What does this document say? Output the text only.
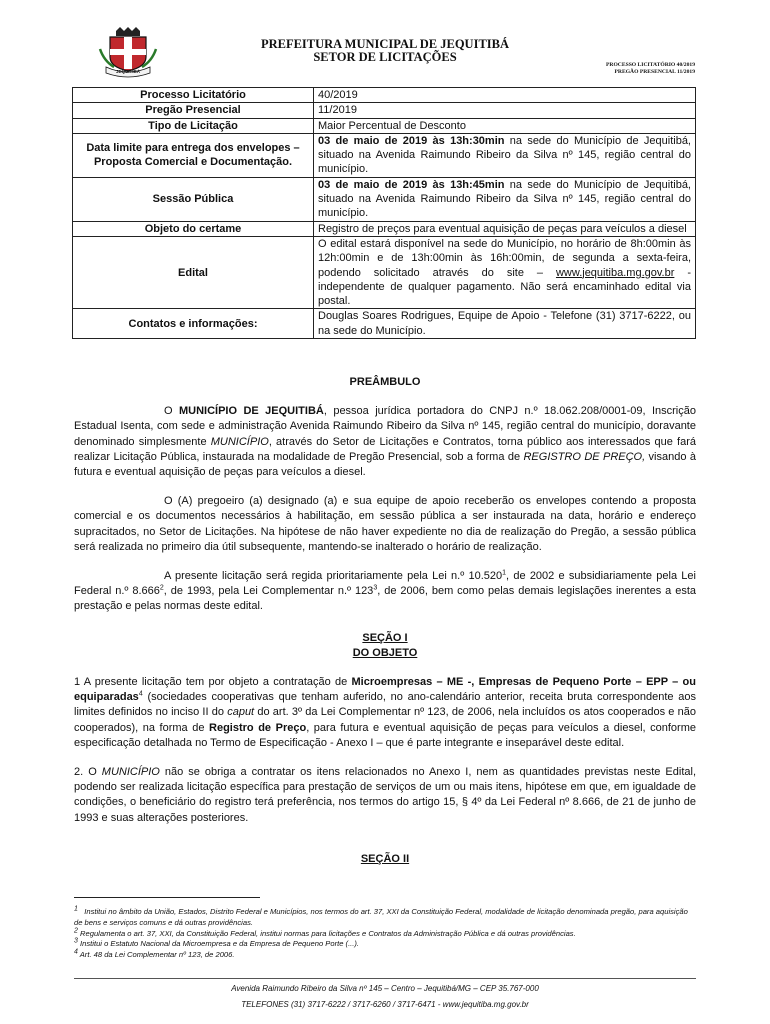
JEQUITIBÁ
PREFEITURA MUNICIPAL DE JEQUITIBÁ
SETOR DE LICITAÇÕES
PROCESSO LICITATÓRIO 40/2019
PREGÃO PRESENCIAL 11/2019
Processo Licitatório	40/2019
Pregão Presencial	11/2019
Tipo de Licitação	Maior Percentual de Desconto
Data limite para entrega dos envelopes – Proposta Comercial e Documentação.	03 de maio de 2019 às 13h:30min na sede do Município de Jequitibá, situado na Avenida Raimundo Ribeiro da Silva nº 145, região central do município.
Sessão Pública	03 de maio de 2019 às 13h:45min na sede do Município de Jequitibá, situado na Avenida Raimundo Ribeiro da Silva nº 145, região central do município.
Objeto do certame	Registro de preços para eventual aquisição de peças para veículos a diesel
Edital	O edital estará disponível na sede do Município, no horário de 8h:00min às 12h:00min e de 13h:00min às 16h:00min, de segunda a sexta-feira, podendo solicitado através do site – www.jequitiba.mg.gov.br - independente de qualquer pagamento. Não será encaminhado edital via postal.
Contatos e informações:	Douglas Soares Rodrigues, Equipe de Apoio - Telefone (31) 3717-6222, ou na sede do Município.

PREÂMBULO

O MUNICÍPIO DE JEQUITIBÁ, pessoa jurídica portadora do CNPJ n.º 18.062.208/0001-09, Inscrição Estadual Isenta, com sede e administração Avenida Raimundo Ribeiro da Silva nº 145, região central do município, doravante denominado simplesmente MUNICÍPIO, através do Setor de Licitações e Contratos, torna público aos interessados que fará realizar Licitação Pública, instaurada na modalidade de Pregão Presencial, sob a forma de REGISTRO DE PREÇO, visando à futura e eventual aquisição de peças para veículos a diesel.

O (A) pregoeiro (a) designado (a) e sua equipe de apoio receberão os envelopes contendo a proposta comercial e os documentos necessários à habilitação, em sessão pública a ser instaurada na data, horário e endereço supracitados, no Setor de Licitações. Na hipótese de não haver expediente no dia de realização do Pregão, a sessão pública será realizada no primeiro dia útil subsequente, mantendo-se inalterado o horário de realização.

A presente licitação será regida prioritariamente pela Lei n.º 10.520$^1$, de 2002 e subsidiariamente pela Lei Federal n.º 8.666$^2$, de 1993, pela Lei Complementar n.º $123^3$, de 2006, bem como pelas demais legislações inerentes a esta prestação e pelas normas deste edital.

SEÇÃO I

DO OBJETO

1 A presente licitação tem por objeto a contratação de Microempresas – ME -, Empresas de Pequeno Porte – EPP – ou equiparadas$^4$ (sociedades cooperativas que tenham auferido, no ano-calendário anterior, receita bruta correspondente aos limites definidos no inciso II do caput do art. 3º da Lei Complementar nº 123, de 2006, nela incluídos os atos cooperados e não cooperados), na forma de Registro de Preço, para futura e eventual aquisição de peças para veículos a diesel, conforme especificação detalhada no Termo de Especificação - Anexo I – que é parte integrante e inseparável deste edital.

2. O MUNICÍPIO não se obriga a contratar os itens relacionados no Anexo I, nem as quantidades previstas neste Edital, podendo ser realizada licitação específica para prestação de serviços de um ou mais itens, hipótese em que, em igualdade de condições, o beneficiário do registro terá preferência, nos termos do artigo 15, § 4º da Lei Federal nº 8.666, de 21 de junho de 1993 e suas alterações posteriores.

SEÇÃO II

$^1$ Institui no âmbito da União, Estados, Distrito Federal e Municípios, nos termos do art. 37, XXI da Constituição Federal, modalidade de licitação denominada pregão, para aquisição de bens e serviços comuns e dá outras providências.
$^2$ Regulamenta o art. 37, XXI, da Constituição Federal, institui normas para licitações e Contratos da Administração Pública e dá outras providências.
$^3$ Institui o Estatuto Nacional da Microempresa e da Empresa de Pequeno Porte (...).
$^4$ Art. 48 da Lei Complementar nº 123, de 2006.
Avenida Raimundo Ribeiro da Silva nº 145 – Centro – Jequitibá/MG – CEP 35.767-000
TELEFONES (31) 3717-6222 / 3717-6260 / 3717-6471 - www.jequitiba.mg.gov.br
